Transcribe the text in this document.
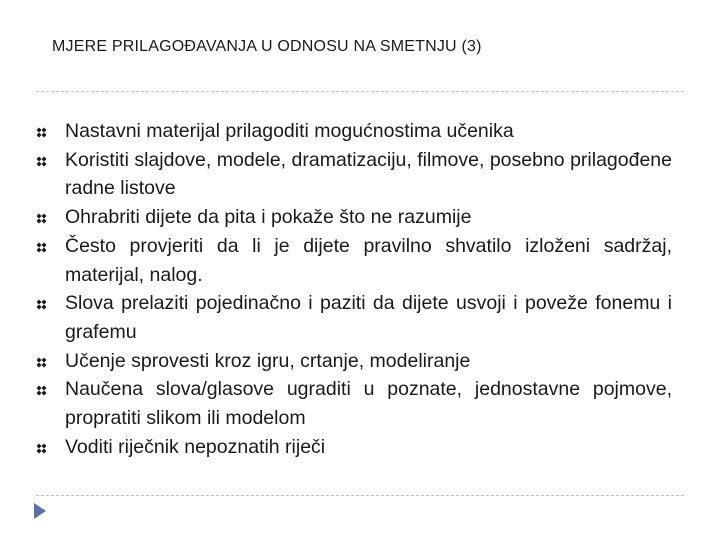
MJERE PRILAGOĐAVANJA U ODNOSU NA SMETNJU (3)
Nastavni materijal prilagoditi mogućnostima učenika
Koristiti slajdove, modele, dramatizaciju, filmove, posebno prilagođene radne listove
Ohrabriti dijete da pita i pokaže što ne razumije
Često provjeriti da li je dijete pravilno shvatilo izloženi sadržaj, materijal, nalog.
Slova prelaziti pojedinačno i paziti da dijete usvoji i poveže fonemu i grafemu
Učenje sprovesti kroz igru, crtanje, modeliranje
Naučena slova/glasove ugraditi u poznate, jednostavne pojmove, propratiti slikom ili modelom
Voditi riječnik nepoznatih riječi
